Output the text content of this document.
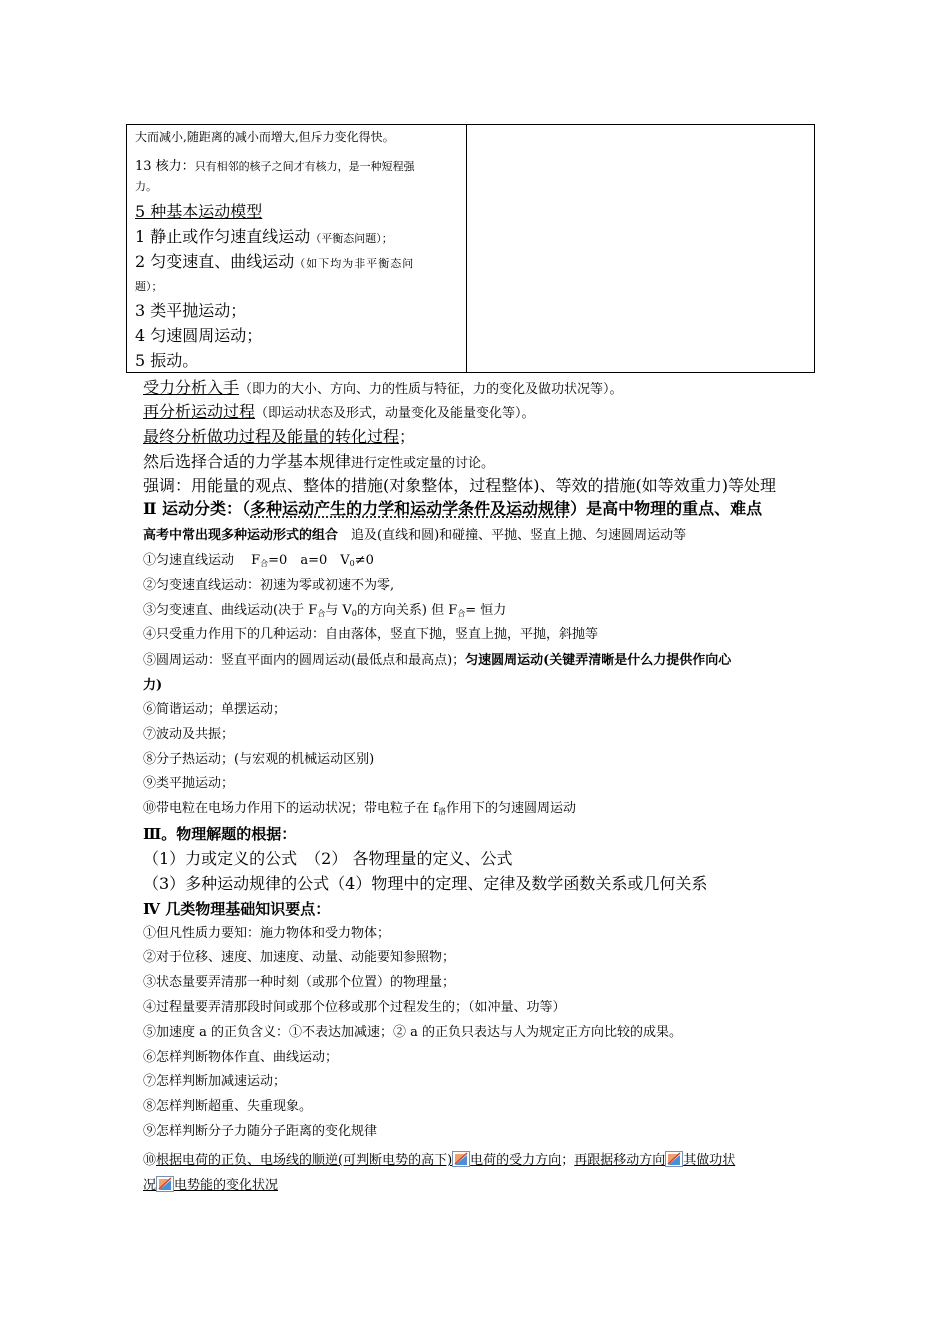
大而减小,随距离的减小而增大,但斥力变化得快。
13 核力：只有相邻的核子之间才有核力，是一种短程强
力。
5 种基本运动模型
1 静止或作匀速直线运动（平衡态问题）；
2 匀变速直、曲线运动（如下均为非平衡态问
题）；
3 类平抛运动；
4 匀速圆周运动；
5 振动。
受力分析入手（即力的大小、方向、力的性质与特征，力的变化及做功状况等）。
再分析运动过程（即运动状态及形式，动量变化及能量变化等）。
最终分析做功过程及能量的转化过程；
然后选择合适的力学基本规律进行定性或定量的讨论。
强调：用能量的观点、整体的措施(对象整体，过程整体)、等效的措施(如等效重力)等处理
Ⅱ 运动分类：（多种运动产生的力学和运动学条件及运动规律）是高中物理的重点、难点
高考中常出现多种运动形式的组合　追及(直线和圆)和碰撞、平抛、竖直上抛、匀速圆周运动等
①匀速直线运动　 F合=0　a=0　V0≠0
②匀变速直线运动：初速为零或初速不为零,
③匀变速直、曲线运动(决于 F合与 V0的方向关系) 但 F合= 恒力
④只受重力作用下的几种运动：自由落体，竖直下抛，竖直上抛，平抛，斜抛等
⑤圆周运动：竖直平面内的圆周运动(最低点和最高点)；匀速圆周运动(关键弄清晰是什么力提供作向心
力)
⑥简谐运动；单摆运动；
⑦波动及共振；
⑧分子热运动；(与宏观的机械运动区别)
⑨类平抛运动；
⑩带电粒在电场力作用下的运动状况；带电粒子在 f洛作用下的匀速圆周运动
Ⅲ。物理解题的根据：
（1）力或定义的公式　（2） 各物理量的定义、公式
（3）多种运动规律的公式（4）物理中的定理、定律及数学函数关系或几何关系
Ⅳ 几类物理基础知识要点：
①但凡性质力要知：施力物体和受力物体；
②对于位移、速度、加速度、动量、动能要知参照物；
③状态量要弄清那一种时刻（或那个位置）的物理量；
④过程量要弄清那段时间或那个位移或那个过程发生的；（如冲量、功等）
⑤加速度 a 的正负含义：①不表达加减速；② a 的正负只表达与人为规定正方向比较的成果。
⑥怎样判断物体作直、曲线运动；
⑦怎样判断加减速运动；
⑧怎样判断超重、失重现象。
⑨怎样判断分子力随分子距离的变化规律
⑩根据电荷的正负、电场线的顺逆(可判断电势的高下) 电荷的受力方向；再跟据移动方向 其做功状
况 电势能的变化状况
